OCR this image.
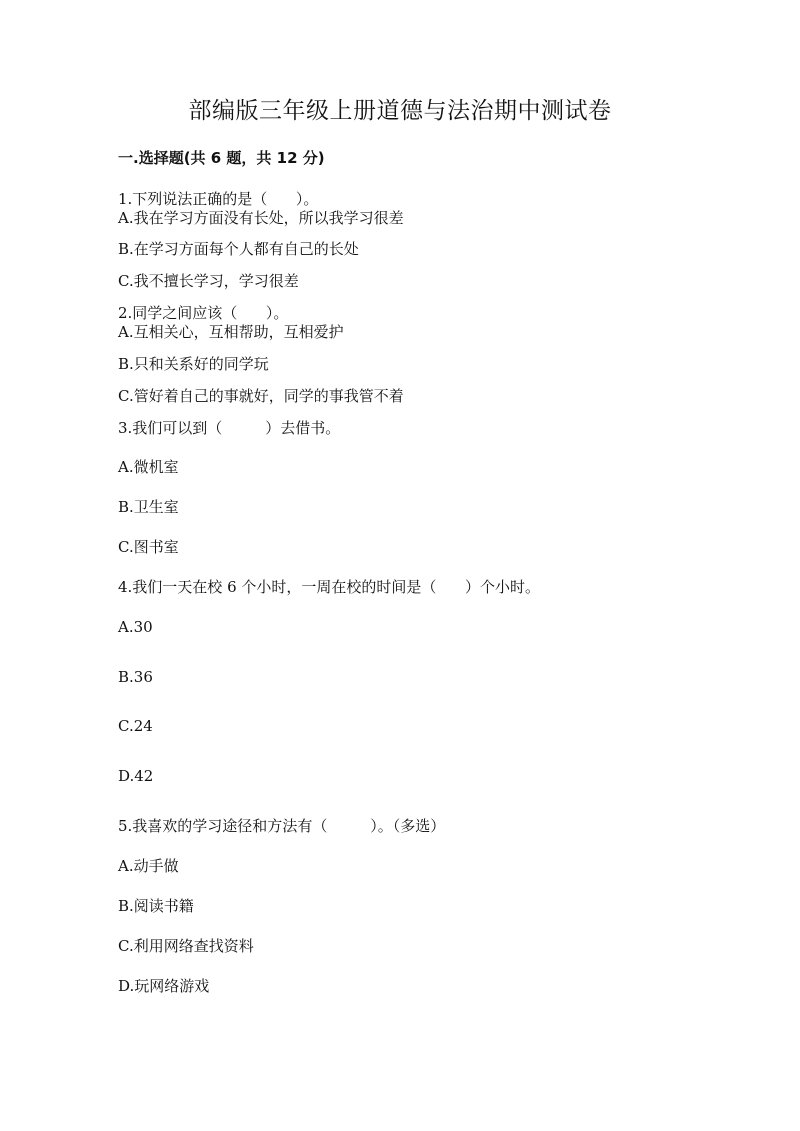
部编版三年级上册道德与法治期中测试卷
一.选择题(共 6 题，共 12 分)
1.下列说法正确的是（      ）。
A.我在学习方面没有长处，所以我学习很差
B.在学习方面每个人都有自己的长处
C.我不擅长学习，学习很差
2.同学之间应该（      ）。
A.互相关心，互相帮助，互相爱护
B.只和关系好的同学玩
C.管好着自己的事就好，同学的事我管不着
3.我们可以到（         ）去借书。
A.微机室
B.卫生室
C.图书室
4.我们一天在校 6 个小时，一周在校的时间是（      ）个小时。
A.30
B.36
C.24
D.42
5.我喜欢的学习途径和方法有（         ）。（多选）
A.动手做
B.阅读书籍
C.利用网络查找资料
D.玩网络游戏
